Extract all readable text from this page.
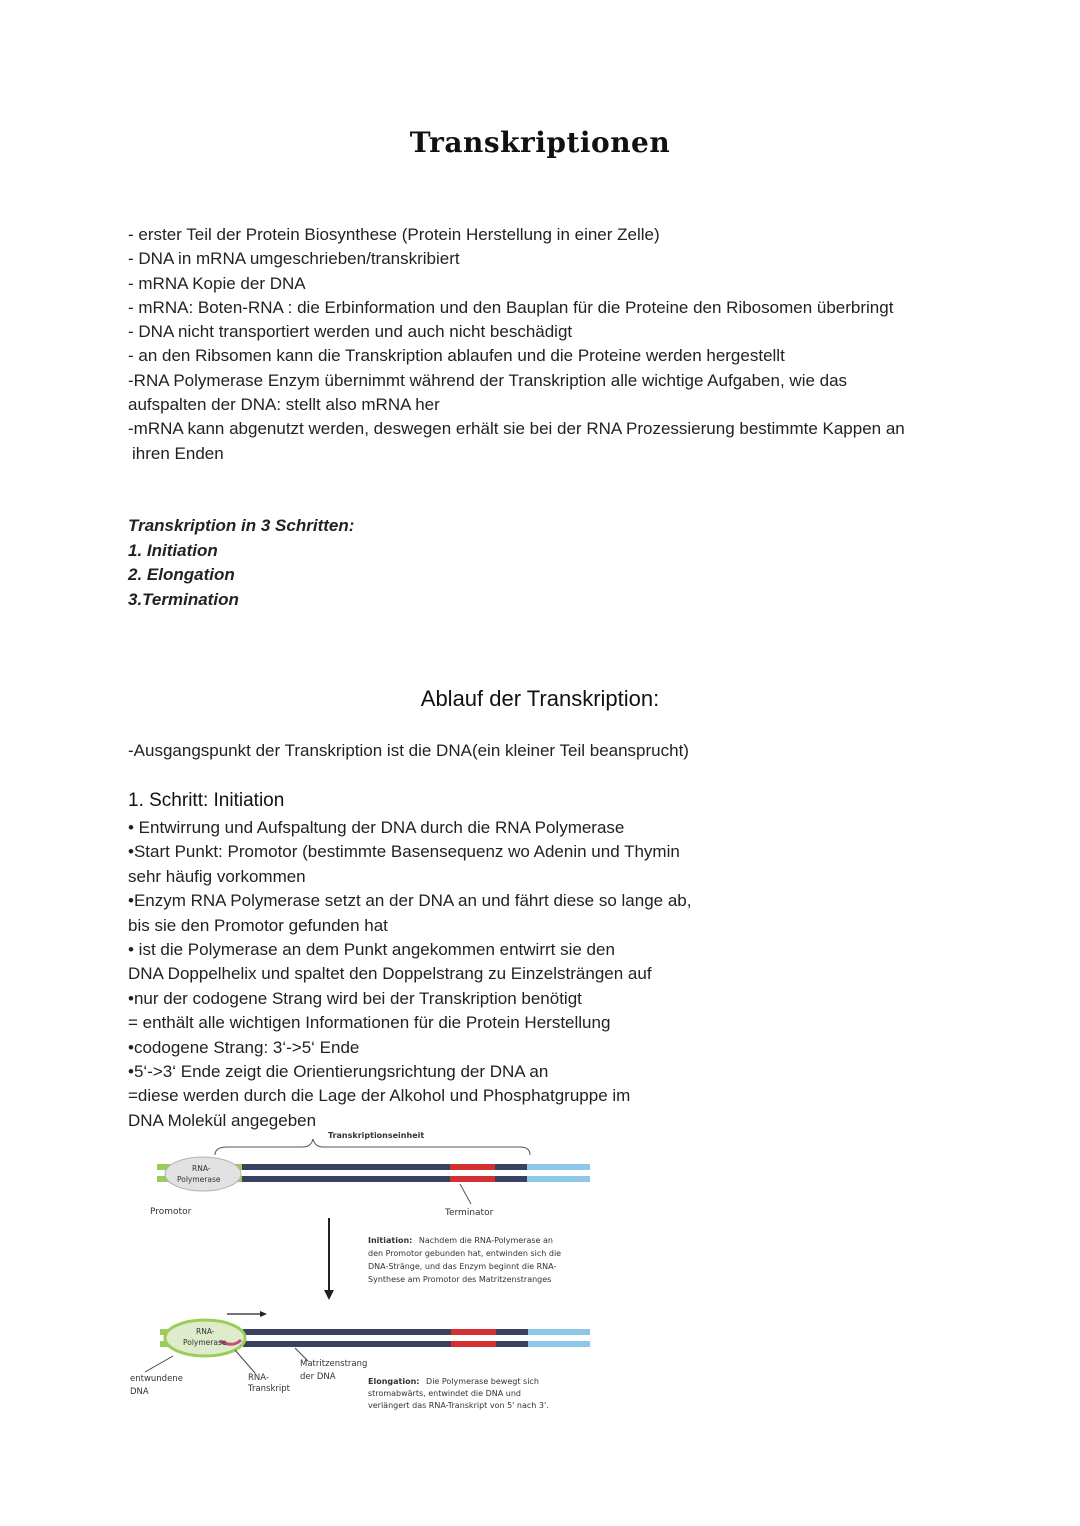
Transkriptionen
- erster Teil der Protein Biosynthese (Protein Herstellung in einer Zelle)
- DNA in mRNA umgeschrieben/transkribiert
- mRNA Kopie der DNA
- mRNA: Boten-RNA : die Erbinformation und den Bauplan für die Proteine den Ribosomen überbringt
- DNA nicht transportiert werden und auch nicht beschädigt
- an den Ribsomen kann die Transkription ablaufen und die Proteine werden hergestellt
-RNA Polymerase Enzym übernimmt während der Transkription alle wichtige Aufgaben, wie das
aufspalten der DNA: stellt also mRNA her
-mRNA kann abgenutzt werden, deswegen erhält sie bei der RNA Prozessierung bestimmte Kappen an
ihren Enden
Transkription in 3 Schritten:
1. Initiation
2. Elongation
3.Termination
Ablauf der Transkription:
-Ausgangspunkt der Transkription ist die DNA(ein kleiner Teil beansprucht)
1. Schritt: Initiation
• Entwirrung und Aufspaltung der DNA durch die RNA Polymerase
•Start Punkt: Promotor (bestimmte Basensequenz wo Adenin und Thymin
sehr häufig vorkommen
•Enzym RNA Polymerase setzt an der DNA an und fährt diese so lange ab,
bis sie den Promotor gefunden hat
• ist die Polymerase an dem Punkt angekommen entwirrt sie den
DNA Doppelhelix und spaltet den Doppelstrang zu Einzelsträngen auf
•nur der codogene Strang wird bei der Transkription benötigt
= enthält alle wichtigen Informationen für die Protein Herstellung
•codogene Strang: 3‘->5‘ Ende
•5‘->3‘ Ende zeigt die Orientierungsrichtung der DNA an
=diese werden durch die Lage der Alkohol und Phosphatgruppe im
DNA Molekül angegeben
Transkriptionseinheit
RNA-
Polymerase
Promotor	Terminator
Initiation: Nachdem die RNA-Polymerase an
den Promotor gebunden hat, entwinden sich die
DNA-Stränge, und das Enzym beginnt die RNA-
Synthese am Promotor des Matritzenstranges
RNA-
Polymerase
Matritzenstrang
der DNA
entwundene
DNA
RNA-
Transkript
Elongation: Die Polymerase bewegt sich
stromabwärts, entwindet die DNA und
verlängert das RNA-Transkript von 5' nach 3'.
